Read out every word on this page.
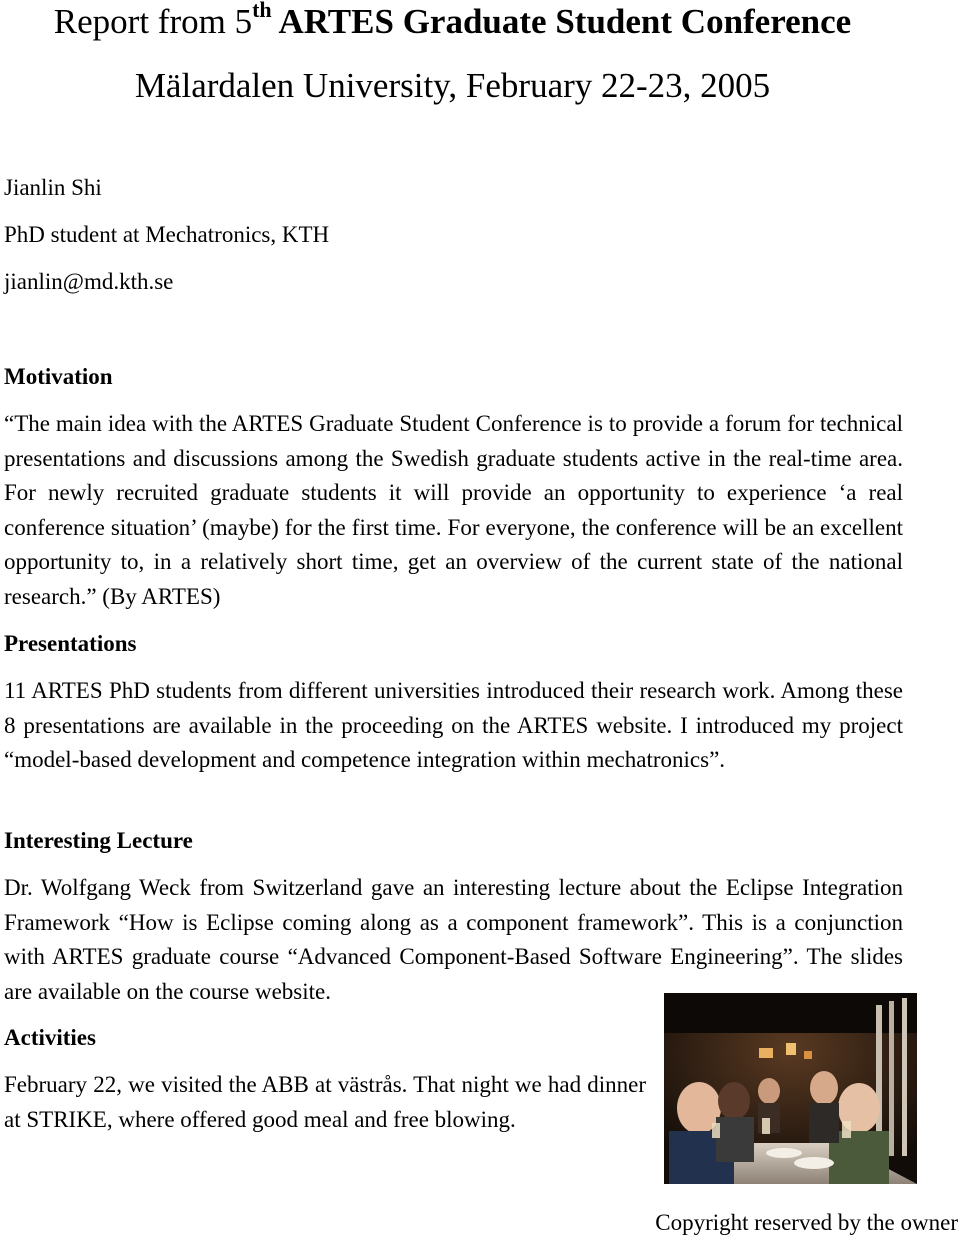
Report from 5th ARTES Graduate Student Conference
Mälardalen University, February 22-23, 2005
Jianlin Shi
PhD student at Mechatronics, KTH
jianlin@md.kth.se
Motivation
“The main idea with the ARTES Graduate Student Conference is to provide a forum for technical presentations and discussions among the Swedish graduate students active in the real-time area. For newly recruited graduate students it will provide an opportunity to experience ‘a real conference situation’ (maybe) for the first time. For everyone, the conference will be an excellent opportunity to, in a relatively short time, get an overview of the current state of the national research.” (By ARTES)
Presentations
11 ARTES PhD students from different universities introduced their research work. Among these 8 presentations are available in the proceeding on the ARTES website. I introduced my project “model-based development and competence integration within mechatronics”.
Interesting Lecture
Dr. Wolfgang Weck from Switzerland gave an interesting lecture about the Eclipse Integration Framework “How is Eclipse coming along as a component framework”. This is a conjunction with ARTES graduate course “Advanced Component-Based Software Engineering”. The slides are available on the course website.
Activities
February 22, we visited the ABB at västrås. That night we had dinner at STRIKE, where offered good meal and free blowing.
Copyright reserved by the owner
